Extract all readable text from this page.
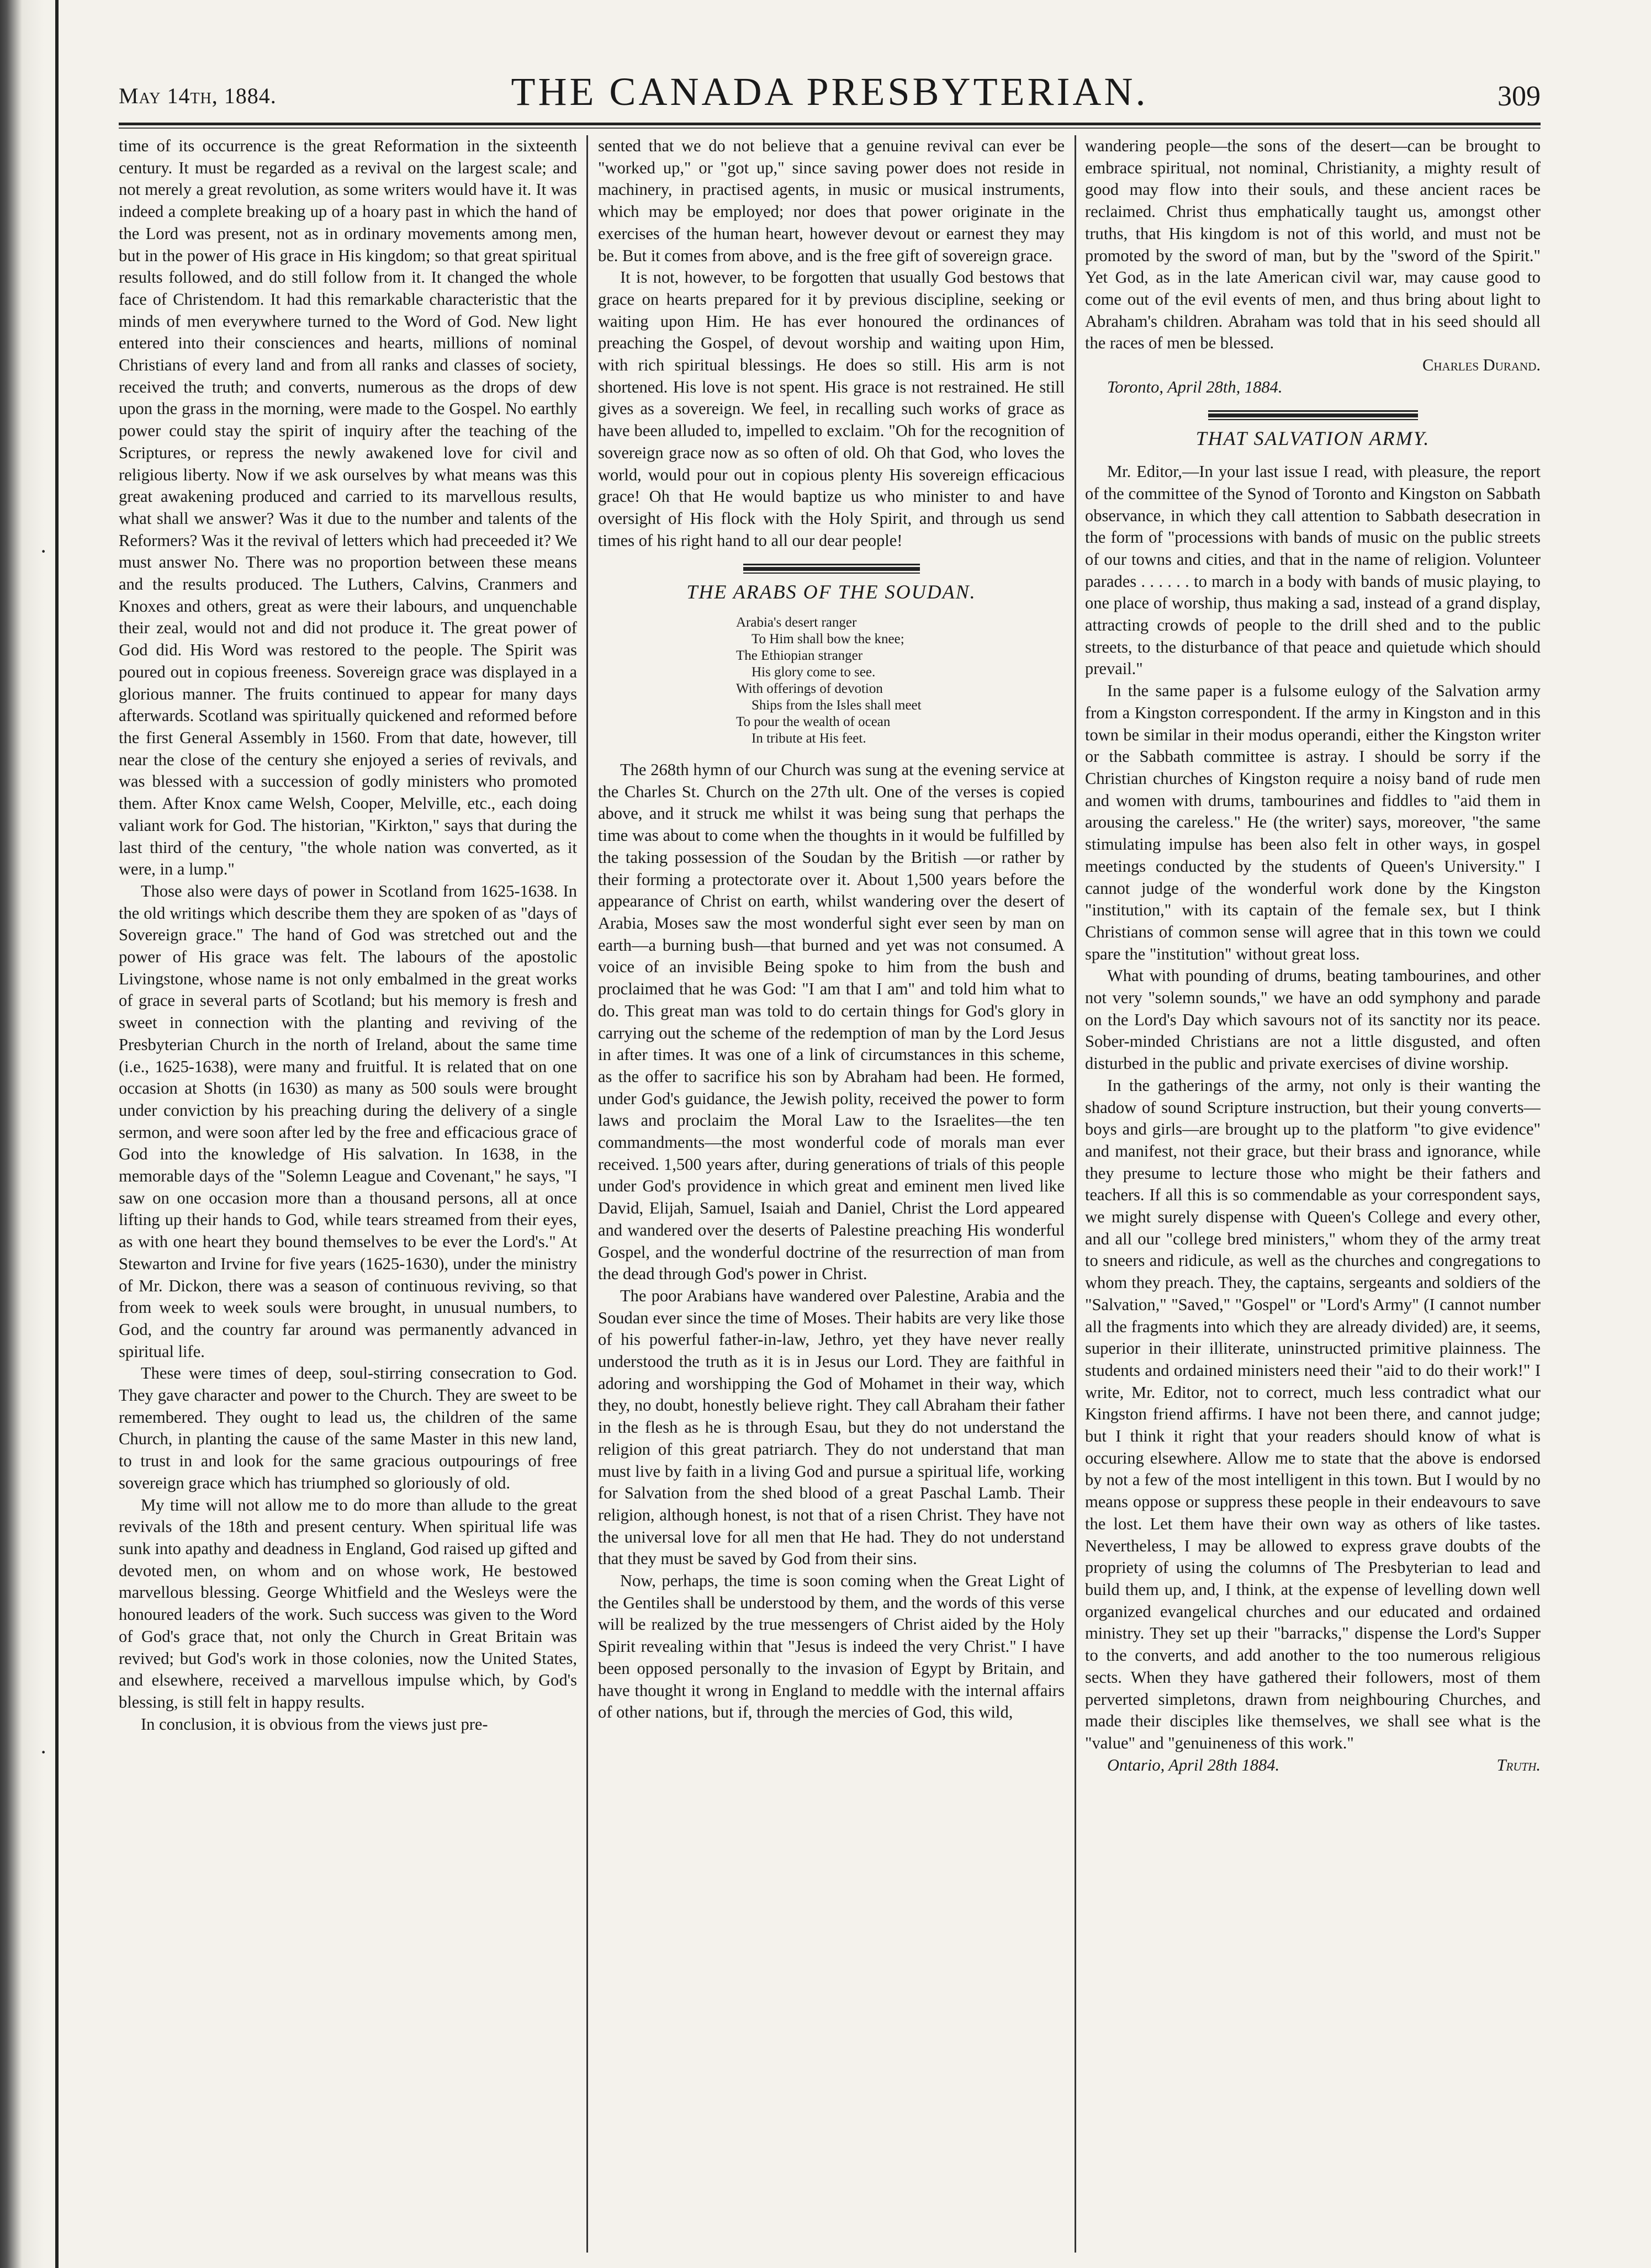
·
·
May 14th, 1884.	THE CANADA PRESBYTERIAN.	309

time of its occurrence is the great Reformation in the sixteenth century. It must be regarded as a revival on the largest scale; and not merely a great revolution, as some writers would have it. It was indeed a complete breaking up of a hoary past in which the hand of the Lord was present, not as in ordinary movements among men, but in the power of His grace in His kingdom; so that great spiritual results followed, and do still follow from it. It changed the whole face of Christendom. It had this remarkable characteristic that the minds of men everywhere turned to the Word of God. New light entered into their consciences and hearts, millions of nominal Christians of every land and from all ranks and classes of society, received the truth; and converts, numerous as the drops of dew upon the grass in the morning, were made to the Gospel. No earthly power could stay the spirit of inquiry after the teaching of the Scriptures, or repress the newly awakened love for civil and religious liberty. Now if we ask ourselves by what means was this great awakening produced and carried to its marvellous results, what shall we answer? Was it due to the number and talents of the Reformers? Was it the revival of letters which had preceeded it? We must answer No. There was no proportion between these means and the results produced. The Luthers, Calvins, Cranmers and Knoxes and others, great as were their labours, and unquenchable their zeal, would not and did not produce it. The great power of God did. His Word was restored to the people. The Spirit was poured out in copious freeness. Sovereign grace was displayed in a glorious manner. The fruits continued to appear for many days afterwards. Scotland was spiritually quickened and reformed before the first General Assembly in 1560. From that date, however, till near the close of the century she enjoyed a series of revivals, and was blessed with a succession of godly ministers who promoted them. After Knox came Welsh, Cooper, Melville, etc., each doing valiant work for God. The historian, "Kirkton," says that during the last third of the century, "the whole nation was converted, as it were, in a lump."

Those also were days of power in Scotland from 1625-1638. In the old writings which describe them they are spoken of as "days of Sovereign grace." The hand of God was stretched out and the power of His grace was felt. The labours of the apostolic Livingstone, whose name is not only embalmed in the great works of grace in several parts of Scotland; but his memory is fresh and sweet in connection with the planting and reviving of the Presbyterian Church in the north of Ireland, about the same time (i.e., 1625-1638), were many and fruitful. It is related that on one occasion at Shotts (in 1630) as many as 500 souls were brought under conviction by his preaching during the delivery of a single sermon, and were soon after led by the free and efficacious grace of God into the knowledge of His salvation. In 1638, in the memorable days of the "Solemn League and Covenant," he says, "I saw on one occasion more than a thousand persons, all at once lifting up their hands to God, while tears streamed from their eyes, as with one heart they bound themselves to be ever the Lord's." At Stewarton and Irvine for five years (1625-1630), under the ministry of Mr. Dickon, there was a season of continuous reviving, so that from week to week souls were brought, in unusual numbers, to God, and the country far around was permanently advanced in spiritual life.

These were times of deep, soul-stirring consecration to God. They gave character and power to the Church. They are sweet to be remembered. They ought to lead us, the children of the same Church, in planting the cause of the same Master in this new land, to trust in and look for the same gracious outpourings of free sovereign grace which has triumphed so gloriously of old.

My time will not allow me to do more than allude to the great revivals of the 18th and present century. When spiritual life was sunk into apathy and deadness in England, God raised up gifted and devoted men, on whom and on whose work, He bestowed marvellous blessing. George Whitfield and the Wesleys were the honoured leaders of the work. Such success was given to the Word of God's grace that, not only the Church in Great Britain was revived; but God's work in those colonies, now the United States, and elsewhere, received a marvellous impulse which, by God's blessing, is still felt in happy results.

In conclusion, it is obvious from the views just pre-

sented that we do not believe that a genuine revival can ever be "worked up," or "got up," since saving power does not reside in machinery, in practised agents, in music or musical instruments, which may be employed; nor does that power originate in the exercises of the human heart, however devout or earnest they may be. But it comes from above, and is the free gift of sovereign grace.

It is not, however, to be forgotten that usually God bestows that grace on hearts prepared for it by previous discipline, seeking or waiting upon Him. He has ever honoured the ordinances of preaching the Gospel, of devout worship and waiting upon Him, with rich spiritual blessings. He does so still. His arm is not shortened. His love is not spent. His grace is not restrained. He still gives as a sovereign. We feel, in recalling such works of grace as have been alluded to, impelled to exclaim. "Oh for the recognition of sovereign grace now as so often of old. Oh that God, who loves the world, would pour out in copious plenty His sovereign efficacious grace! Oh that He would baptize us who minister to and have oversight of His flock with the Holy Spirit, and through us send times of his right hand to all our dear people!

THE ARABS OF THE SOUDAN.
Arabia's desert ranger
To Him shall bow the knee;
The Ethiopian stranger
His glory come to see.
With offerings of devotion
Ships from the Isles shall meet
To pour the wealth of ocean
In tribute at His feet.

The 268th hymn of our Church was sung at the evening service at the Charles St. Church on the 27th ult. One of the verses is copied above, and it struck me whilst it was being sung that perhaps the time was about to come when the thoughts in it would be fulfilled by the taking possession of the Soudan by the British —or rather by their forming a protectorate over it. About 1,500 years before the appearance of Christ on earth, whilst wandering over the desert of Arabia, Moses saw the most wonderful sight ever seen by man on earth—a burning bush—that burned and yet was not consumed. A voice of an invisible Being spoke to him from the bush and proclaimed that he was God: "I am that I am" and told him what to do. This great man was told to do certain things for God's glory in carrying out the scheme of the redemption of man by the Lord Jesus in after times. It was one of a link of circumstances in this scheme, as the offer to sacrifice his son by Abraham had been. He formed, under God's guidance, the Jewish polity, received the power to form laws and proclaim the Moral Law to the Israelites—the ten commandments—the most wonderful code of morals man ever received. 1,500 years after, during generations of trials of this people under God's providence in which great and eminent men lived like David, Elijah, Samuel, Isaiah and Daniel, Christ the Lord appeared and wandered over the deserts of Palestine preaching His wonderful Gospel, and the wonderful doctrine of the resurrection of man from the dead through God's power in Christ.

The poor Arabians have wandered over Palestine, Arabia and the Soudan ever since the time of Moses. Their habits are very like those of his powerful father-in-law, Jethro, yet they have never really understood the truth as it is in Jesus our Lord. They are faithful in adoring and worshipping the God of Mohamet in their way, which they, no doubt, honestly believe right. They call Abraham their father in the flesh as he is through Esau, but they do not understand the religion of this great patriarch. They do not understand that man must live by faith in a living God and pursue a spiritual life, working for Salvation from the shed blood of a great Paschal Lamb. Their religion, although honest, is not that of a risen Christ. They have not the universal love for all men that He had. They do not understand that they must be saved by God from their sins.

Now, perhaps, the time is soon coming when the Great Light of the Gentiles shall be understood by them, and the words of this verse will be realized by the true messengers of Christ aided by the Holy Spirit revealing within that "Jesus is indeed the very Christ." I have been opposed personally to the invasion of Egypt by Britain, and have thought it wrong in England to meddle with the internal affairs of other nations, but if, through the mercies of God, this wild,

wandering people—the sons of the desert—can be brought to embrace spiritual, not nominal, Christianity, a mighty result of good may flow into their souls, and these ancient races be reclaimed. Christ thus emphatically taught us, amongst other truths, that His kingdom is not of this world, and must not be promoted by the sword of man, but by the "sword of the Spirit." Yet God, as in the late American civil war, may cause good to come out of the evil events of men, and thus bring about light to Abraham's children. Abraham was told that in his seed should all the races of men be blessed.

Charles Durand.

Toronto, April 28th, 1884.

THAT SALVATION ARMY.

Mr. Editor,—In your last issue I read, with pleasure, the report of the committee of the Synod of Toronto and Kingston on Sabbath observance, in which they call attention to Sabbath desecration in the form of "processions with bands of music on the public streets of our towns and cities, and that in the name of religion. Volunteer parades . . . . . . to march in a body with bands of music playing, to one place of worship, thus making a sad, instead of a grand display, attracting crowds of people to the drill shed and to the public streets, to the disturbance of that peace and quietude which should prevail."

In the same paper is a fulsome eulogy of the Salvation army from a Kingston correspondent. If the army in Kingston and in this town be similar in their modus operandi, either the Kingston writer or the Sabbath committee is astray. I should be sorry if the Christian churches of Kingston require a noisy band of rude men and women with drums, tambourines and fiddles to "aid them in arousing the careless." He (the writer) says, moreover, "the same stimulating impulse has been also felt in other ways, in gospel meetings conducted by the students of Queen's University." I cannot judge of the wonderful work done by the Kingston "institution," with its captain of the female sex, but I think Christians of common sense will agree that in this town we could spare the "institution" without great loss.

What with pounding of drums, beating tambourines, and other not very "solemn sounds," we have an odd symphony and parade on the Lord's Day which savours not of its sanctity nor its peace. Sober-minded Christians are not a little disgusted, and often disturbed in the public and private exercises of divine worship.

In the gatherings of the army, not only is their wanting the shadow of sound Scripture instruction, but their young converts—boys and girls—are brought up to the platform "to give evidence" and manifest, not their grace, but their brass and ignorance, while they presume to lecture those who might be their fathers and teachers. If all this is so commendable as your correspondent says, we might surely dispense with Queen's College and every other, and all our "college bred ministers," whom they of the army treat to sneers and ridicule, as well as the churches and congregations to whom they preach. They, the captains, sergeants and soldiers of the "Salvation," "Saved," "Gospel" or "Lord's Army" (I cannot number all the fragments into which they are already divided) are, it seems, superior in their illiterate, uninstructed primitive plainness. The students and ordained ministers need their "aid to do their work!" I write, Mr. Editor, not to correct, much less contradict what our Kingston friend affirms. I have not been there, and cannot judge; but I think it right that your readers should know of what is occuring elsewhere. Allow me to state that the above is endorsed by not a few of the most intelligent in this town. But I would by no means oppose or suppress these people in their endeavours to save the lost. Let them have their own way as others of like tastes. Nevertheless, I may be allowed to express grave doubts of the propriety of using the columns of The Presbyterian to lead and build them up, and, I think, at the expense of levelling down well organized evangelical churches and our educated and ordained ministry. They set up their "barracks," dispense the Lord's Supper to the converts, and add another to the too numerous religious sects. When they have gathered their followers, most of them perverted simpletons, drawn from neighbouring Churches, and made their disciples like themselves, we shall see what is the "value" and "genuineness of this work."

Ontario, April 28th 1884.	Truth.
